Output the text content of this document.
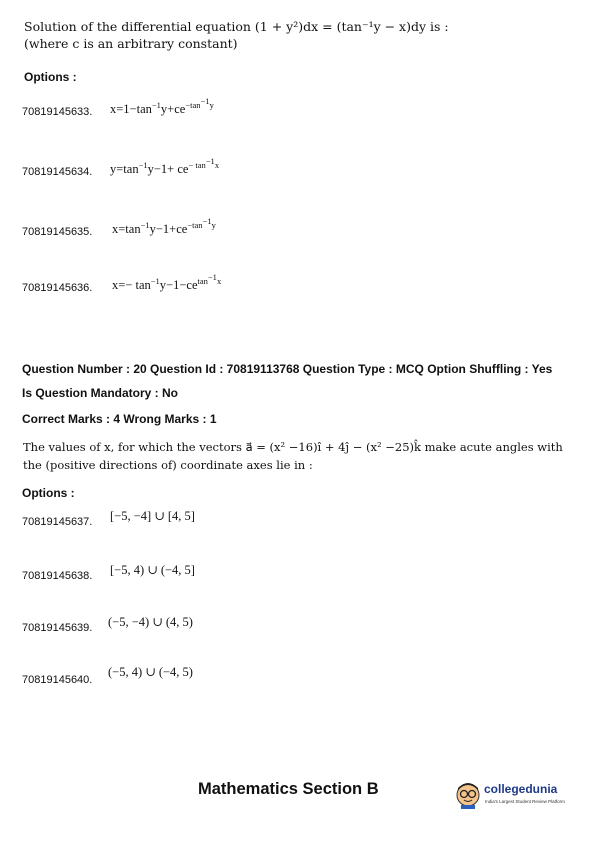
Solution of the differential equation (1 + y²)dx = (tan⁻¹y − x)dy is :
(where c is an arbitrary constant)
Options :
70819145633. $x=1-\tan^{-1}y+ce^{-tan^{-1}y}$
70819145634. $y=\tan^{-1}y-1+ ce^{- tan^{-1}x}$
70819145635. $x=\tan^{-1}y-1+ce^{-tan^{-1}y}$
70819145636. $x=- \tan^{-1}y-1-ce^{tan^{-1}x}$
Question Number : 20 Question Id : 70819113768 Question Type : MCQ Option Shuffling : Yes
Is Question Mandatory : No
Correct Marks : 4 Wrong Marks : 1
The values of x, for which the vectors a⃗ = (x² −16)î + 4ĵ − (x² −25)k̂ make acute angles with
the (positive directions of) coordinate axes lie in :
Options :
70819145637. [−5, −4] ∪ [4, 5]
70819145638. [−5, 4) ∪ (−4, 5]
70819145639. (−5, −4) ∪ (4, 5)
70819145640.
(−5, 4) ∪ (−4, 5)
Mathematics Section B	collegedunia
India's Largest Student Review Platform
